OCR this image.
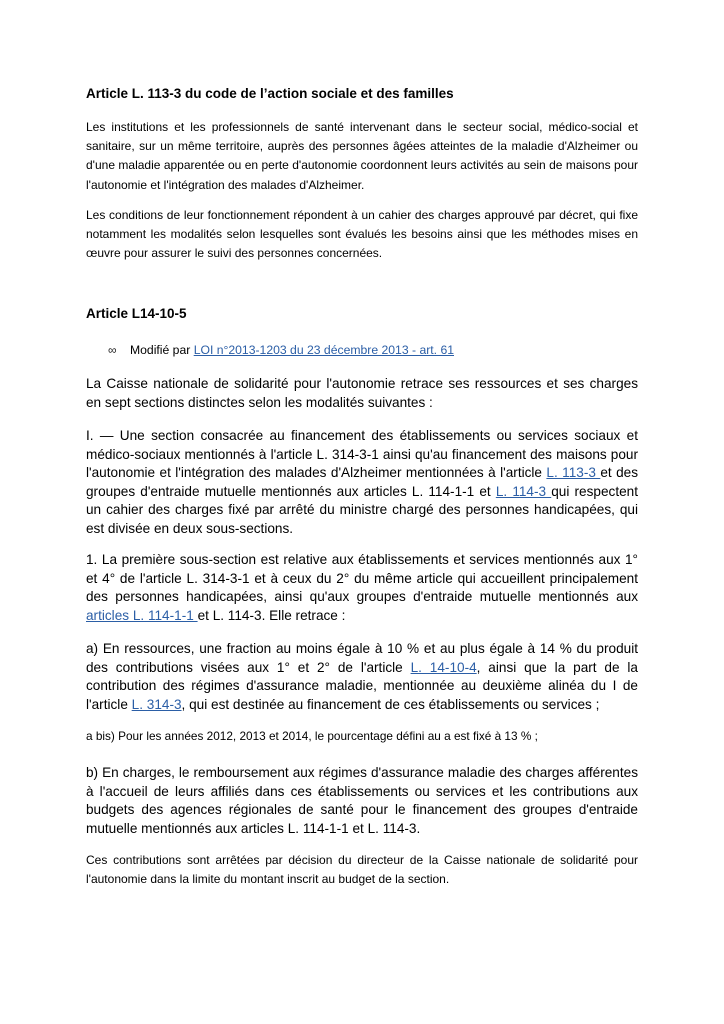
Article L. 113-3 du code de l’action sociale et des familles

Les institutions et les professionnels de santé intervenant dans le secteur social, médico-social et sanitaire, sur un même territoire, auprès des personnes âgées atteintes de la maladie d'Alzheimer ou d'une maladie apparentée ou en perte d'autonomie coordonnent leurs activités au sein de maisons pour l'autonomie et l'intégration des malades d'Alzheimer.

Les conditions de leur fonctionnement répondent à un cahier des charges approuvé par décret, qui fixe notamment les modalités selon lesquelles sont évalués les besoins ainsi que les méthodes mises en œuvre pour assurer le suivi des personnes concernées.

Article L14-10-5
∞	Modifié par
LOI n°2013-1203 du 23 décembre 2013 - art. 61

La Caisse nationale de solidarité pour l'autonomie retrace ses ressources et ses charges en sept sections distinctes selon les modalités suivantes :

I. — Une section consacrée au financement des établissements ou services sociaux et médico-sociaux mentionnés à l'article L. 314-3-1 ainsi qu'au financement des maisons pour l'autonomie et l'intégration des malades d'Alzheimer mentionnées à l'article L. 113-3 et des groupes d'entraide mutuelle mentionnés aux articles L. 114-1-1 et L. 114-3 qui respectent un cahier des charges fixé par arrêté du ministre chargé des personnes handicapées, qui est divisée en deux sous-sections.

1. La première sous-section est relative aux établissements et services mentionnés aux 1° et 4° de l'article L. 314-3-1 et à ceux du 2° du même article qui accueillent principalement des personnes handicapées, ainsi qu'aux groupes d'entraide mutuelle mentionnés aux articles L. 114-1-1 et L. 114-3. Elle retrace :

a) En ressources, une fraction au moins égale à 10 % et au plus égale à 14 % du produit des contributions visées aux 1° et 2° de l'article L. 14-10-4, ainsi que la part de la contribution des régimes d'assurance maladie, mentionnée au deuxième alinéa du I de l'article L. 314-3, qui est destinée au financement de ces établissements ou services ;

a bis) Pour les années 2012, 2013 et 2014, le pourcentage défini au a est fixé à 13 % ;

b) En charges, le remboursement aux régimes d'assurance maladie des charges afférentes à l'accueil de leurs affiliés dans ces établissements ou services et les contributions aux budgets des agences régionales de santé pour le financement des groupes d'entraide mutuelle mentionnés aux articles L. 114-1-1 et L. 114-3.

Ces contributions sont arrêtées par décision du directeur de la Caisse nationale de solidarité pour l'autonomie dans la limite du montant inscrit au budget de la section.
